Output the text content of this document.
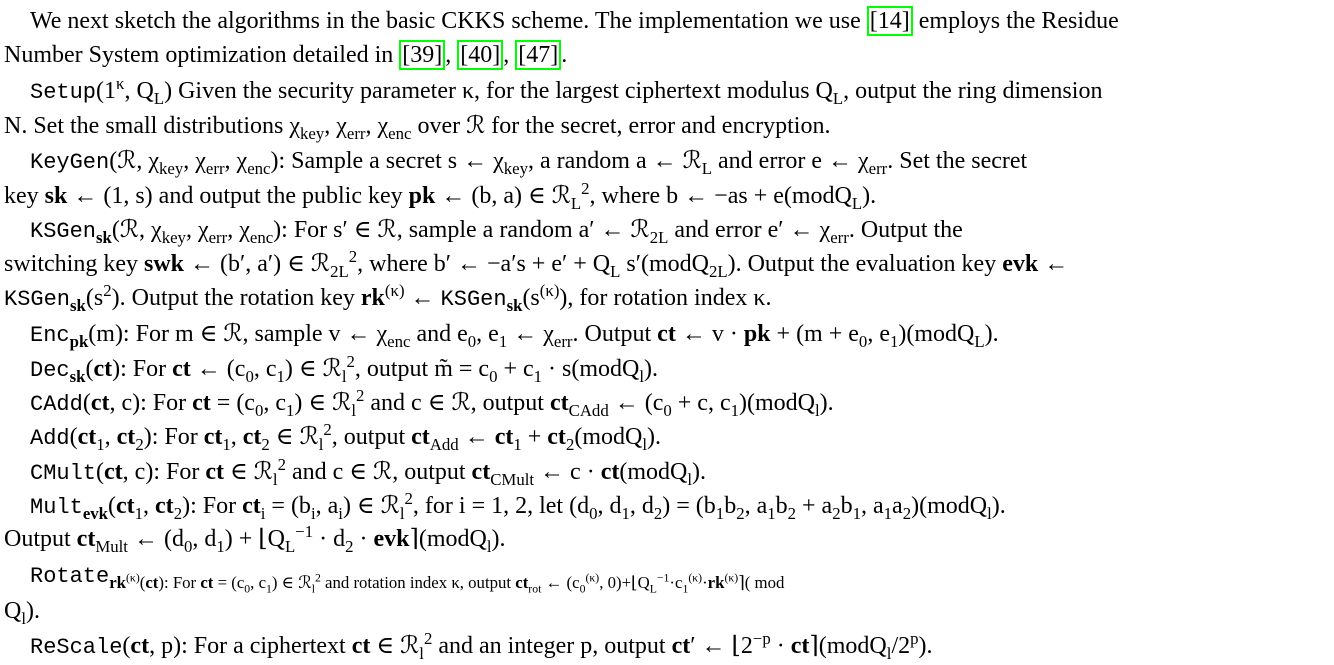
We next sketch the algorithms in the basic CKKS scheme. The implementation we use [14] employs the Residue
Number System optimization detailed in [39] , [40] , [47] .
$Setup(1^\kappa$, $Q_L$) Given the security parameter κ, for the largest ciphertext modulus $Q_L$, output the ring dimension
N. Set the small distributions $\chi_{key}$, $\chi_{err}$, $\chi_{enc}$ over ℛ for the secret, error and encryption.
KeyGen(ℛ, $\chi_{key}$, $\chi_{err}$, $\chi_{enc}$): Sample a secret s ← $\chi_{key}$, a random a ← ℛ$_L$ and error e ← $\chi_{err}$. Set the secret
key sk ← (1, s) and output the public key pk ← (b, a) ∈ ℛ$_L^2$, where b ← −as + e(modQ$_L$).
KSGen$_{sk}$(ℛ, $\chi_{key}$, $\chi_{err}$, $\chi_{enc}$): For s′ ∈ ℛ, sample a random a′ ← ℛ$_{2L}$ and error e′ ← $\chi_{err}$. Output the
switching key swk ← (b′, a′) ∈ ℛ$_{2L}^2$, where b′ ← $-a's + e' + Q_L$ s′(modQ$_{2L}$). Output the evaluation key evk ←
$KSGen_{sk}(s^2)$. Output the rotation key $rk^{(\kappa)}$ ← $KSGen_{sk}(s^{(\kappa)})$, for rotation index κ.
Enc$_{pk}$(m): For m ∈ ℛ, sample v ← $\chi_{enc}$ and $e_0$, $e_1$ ← $\chi_{err}$. Output ct ← v · pk + ($m + e_0$, $e_1)(modQ_L)$.
Dec$_{sk}$(ct): For ct ← ($c_0$, $c_1$) ∈ ℛ$_l^2$, output m̃ = $c_0 + c_1$ · s(modQ$_l$).
CAdd(ct, c): For ct = ($c_0$, $c_1$) ∈ ℛ$_l^2$ and c ∈ ℛ, output $ct_{CAdd}$ ← ($c_0 + c$, $c_1)(modQ_l)$.
$Add(ct_1$, $ct_2$): For $ct_1$, $ct_2$ ∈ ℛ$_l^2$, output $ct_{Add}$ ← $ct_1$ + $ct_2(modQ_l)$.
CMult(ct, c): For ct ∈ ℛ$_l^2$ and c ∈ ℛ, output $ct_{CMult}$ ← c · ct(modQ$_l$).
$Mult_{evk}(ct_1$, $ct_2$): For $ct_i = (b_i$, $a_i$) ∈ ℛ$_l^2$, for i = 1, 2, let ($d_0$, $d_1$, $d_2) = (b_1b_2$, $a_1b_2 + a_2b_1$, $a_1a_2)(modQ_l)$.
Output $ct_{Mult}$ ← ($d_0$, $d_1$) + $⌊Q_L^{-1} \cdot d_2$ · evk⌉(modQ$_l$).
Rotate$_{rk^{(\kappa)}(ct): For ct = (c_0, c_1) \in ℛ_l^2 and rotation index \kappa, output ct_{rot} \leftarrow (c_0^{(\kappa)}, 0)+⌊Q_L^{-1}\cdot c_1^{(\kappa)}\cdot rk^{(\kappa)}⌉( mod}$
$Q_l$).
ReScale(ct, p): For a ciphertext ct ∈ ℛ$_l^2$ and an integer p, output ct′ ← $⌊2^{-p}$ · $ct⌉(modQ_l/2^p)$.
